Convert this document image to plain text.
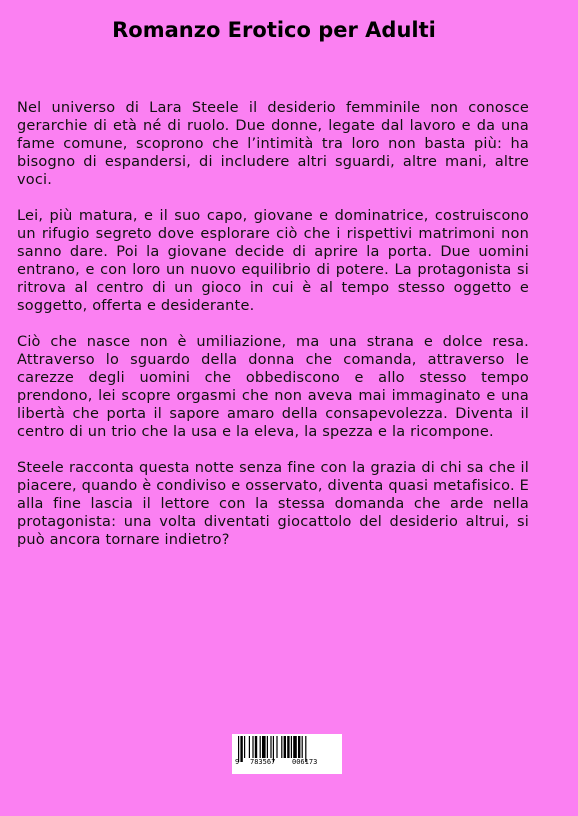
Romanzo Erotico per Adulti

Nel universo di Lara Steele il desiderio femminile non conosce gerarchie di età né di ruolo. Due donne, legate dal lavoro e da una fame comune, scoprono che l’intimità tra loro non basta più: ha bisogno di espandersi, di includere altri sguardi, altre mani, altre voci.

Lei, più matura, e il suo capo, giovane e dominatrice, costruiscono un rifugio segreto dove esplorare ciò che i rispettivi matrimoni non sanno dare. Poi la giovane decide di aprire la porta. Due uomini entrano, e con loro un nuovo equilibrio di potere. La protagonista si ritrova al centro di un gioco in cui è al tempo stesso oggetto e soggetto, offerta e desiderante.

Ciò che nasce non è umiliazione, ma una strana e dolce resa. Attraverso lo sguardo della donna che comanda, attraverso le carezze degli uomini che obbediscono e allo stesso tempo prendono, lei scopre orgasmi che non aveva mai immaginato e una libertà che porta il sapore amaro della consapevolezza. Diventa il centro di un trio che la usa e la eleva, la spezza e la ricompone.

Steele racconta questa notte senza fine con la grazia di chi sa che il piacere, quando è condiviso e osservato, diventa quasi metafisico. E alla fine lascia il lettore con la stessa domanda che arde nella protagonista: una volta diventati giocattolo del desiderio altrui, si può ancora tornare indietro?

9 783567 006173
